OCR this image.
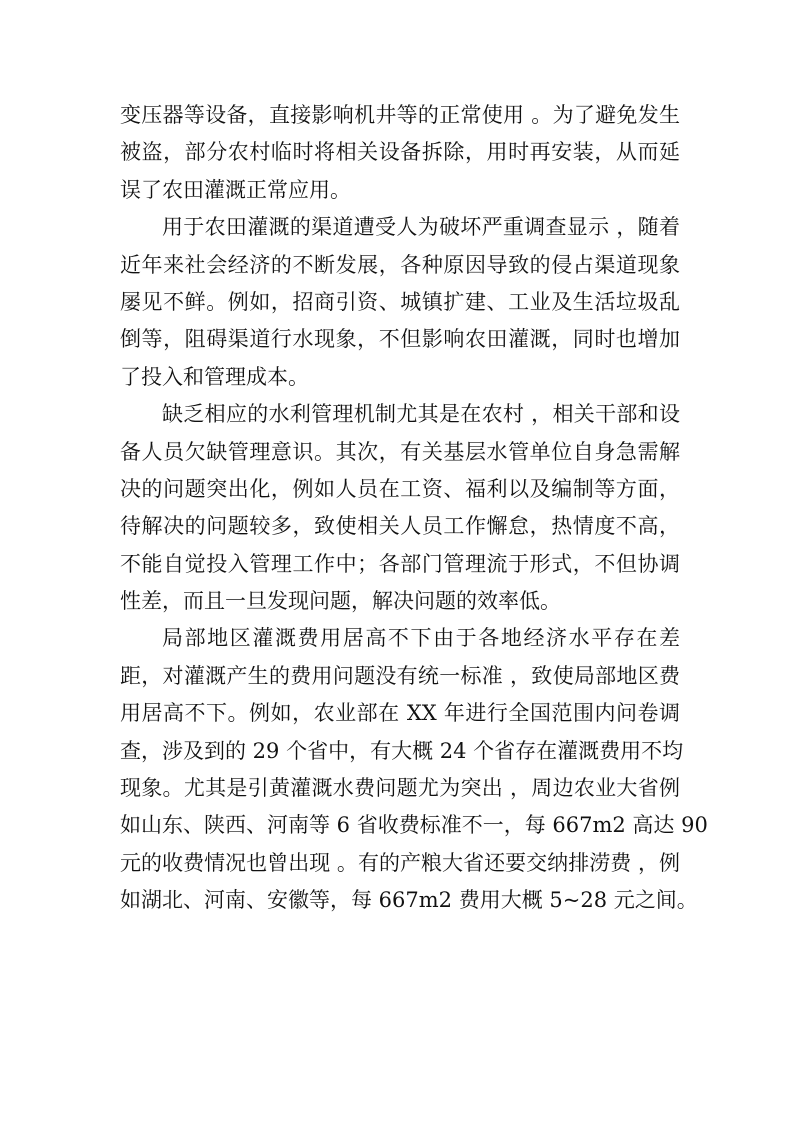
变压器等设备，直接影响机井等的正常使用 。为了避免发生
被盗，部分农村临时将相关设备拆除，用时再安装，从而延
误了农田灌溉正常应用。
用于农田灌溉的渠道遭受人为破坏严重调查显示 ，随着
近年来社会经济的不断发展，各种原因导致的侵占渠道现象
屡见不鲜。例如，招商引资、城镇扩建、工业及生活垃圾乱
倒等，阻碍渠道行水现象，不但影响农田灌溉，同时也增加
了投入和管理成本。
缺乏相应的水利管理机制尤其是在农村 ，相关干部和设
备人员欠缺管理意识。其次，有关基层水管单位自身急需解
决的问题突出化，例如人员在工资、福利以及编制等方面，
待解决的问题较多，致使相关人员工作懈怠，热情度不高，
不能自觉投入管理工作中；各部门管理流于形式，不但协调
性差，而且一旦发现问题，解决问题的效率低。
局部地区灌溉费用居高不下由于各地经济水平存在差
距，对灌溉产生的费用问题没有统一标准 ，致使局部地区费
用居高不下。例如，农业部在 XX 年进行全国范围内问卷调
查，涉及到的 29 个省中，有大概 24 个省存在灌溉费用不均
现象。尤其是引黄灌溉水费问题尤为突出 ，周边农业大省例
如山东、陕西、河南等 6 省收费标准不一，每 667m2 高达 90
元的收费情况也曾出现 。有的产粮大省还要交纳排涝费 ，例
如湖北、河南、安徽等，每 667m2 费用大概 5~28 元之间。
